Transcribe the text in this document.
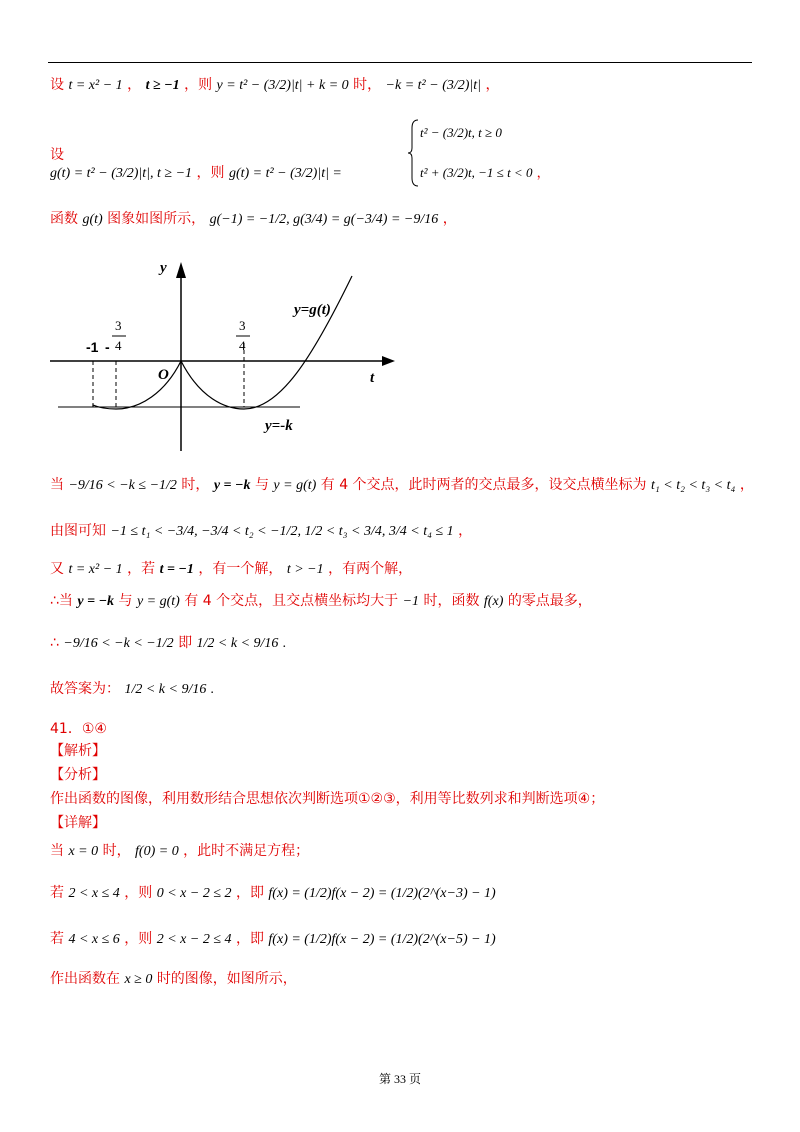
设 t = x² − 1 ， t ≥ −1 ，则 y = t² − (3/2)|t| + k = 0 时， −k = t² − (3/2)|t| ，
设
g(t) = t² − (3/2)|t|, t ≥ −1 ，则 g(t) = t² − (3/2)|t| =
t² − (3/2)t, t ≥ 0
t² + (3/2)t, −1 ≤ t < 0 ，
函数 g(t) 图象如图所示， g(−1) = −1/2, g(3/4) = g(−3/4) = −9/16 ，
t
y
O
-1 -
3
4
3
4
y=g(t)
y=-k
当 −9/16 < −k ≤ −1/2 时， y = −k 与 y = g(t) 有 4 个交点，此时两者的交点最多，设交点横坐标为 t₁ < t₂ < t₃ < t₄ ，
由图可知 −1 ≤ t₁ < −3/4, −3/4 < t₂ < −1/2, 1/2 < t₃ < 3/4, 3/4 < t₄ ≤ 1 ，
又 t = x² − 1 ，若 t = −1 ，有一个解， t > −1 ，有两个解，
∴当 y = −k 与 y = g(t) 有 4 个交点，且交点横坐标均大于 −1 时，函数 f(x) 的零点最多，
∴ −9/16 < −k < −1/2 即 1/2 < k < 9/16 .
故答案为： 1/2 < k < 9/16 .
41．①④
【解析】
【分析】
作出函数的图像，利用数形结合思想依次判断选项①②③，利用等比数列求和判断选项④；
【详解】
当 x = 0 时， f(0) = 0 ，此时不满足方程；
若 2 < x ≤ 4 ，则 0 < x − 2 ≤ 2 ，即 f(x) = (1/2)f(x − 2) = (1/2)(2^(x−3) − 1)
若 4 < x ≤ 6 ，则 2 < x − 2 ≤ 4 ，即 f(x) = (1/2)f(x − 2) = (1/2)(2^(x−5) − 1)
作出函数在 x ≥ 0 时的图像，如图所示，
第 33 页
